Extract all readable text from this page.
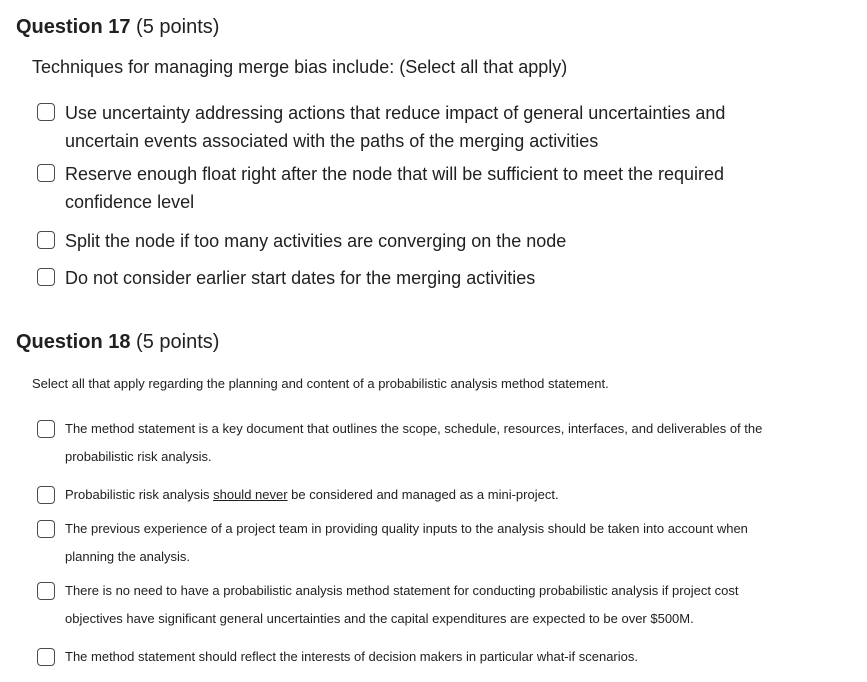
Question 17 (5 points)
Techniques for managing merge bias include: (Select all that apply)
Use uncertainty addressing actions that reduce impact of general uncertainties and uncertain events associated with the paths of the merging activities
Reserve enough float right after the node that will be sufficient to meet the required confidence level
Split the node if too many activities are converging on the node
Do not consider earlier start dates for the merging activities
Question 18 (5 points)
Select all that apply regarding the planning and content of a probabilistic analysis method statement.
The method statement is a key document that outlines the scope, schedule, resources, interfaces, and deliverables of the probabilistic risk analysis.
Probabilistic risk analysis should never be considered and managed as a mini-project.
The previous experience of a project team in providing quality inputs to the analysis should be taken into account when planning the analysis.
There is no need to have a probabilistic analysis method statement for conducting probabilistic analysis if project cost objectives have significant general uncertainties and the capital expenditures are expected to be over $500M.
The method statement should reflect the interests of decision makers in particular what-if scenarios.
